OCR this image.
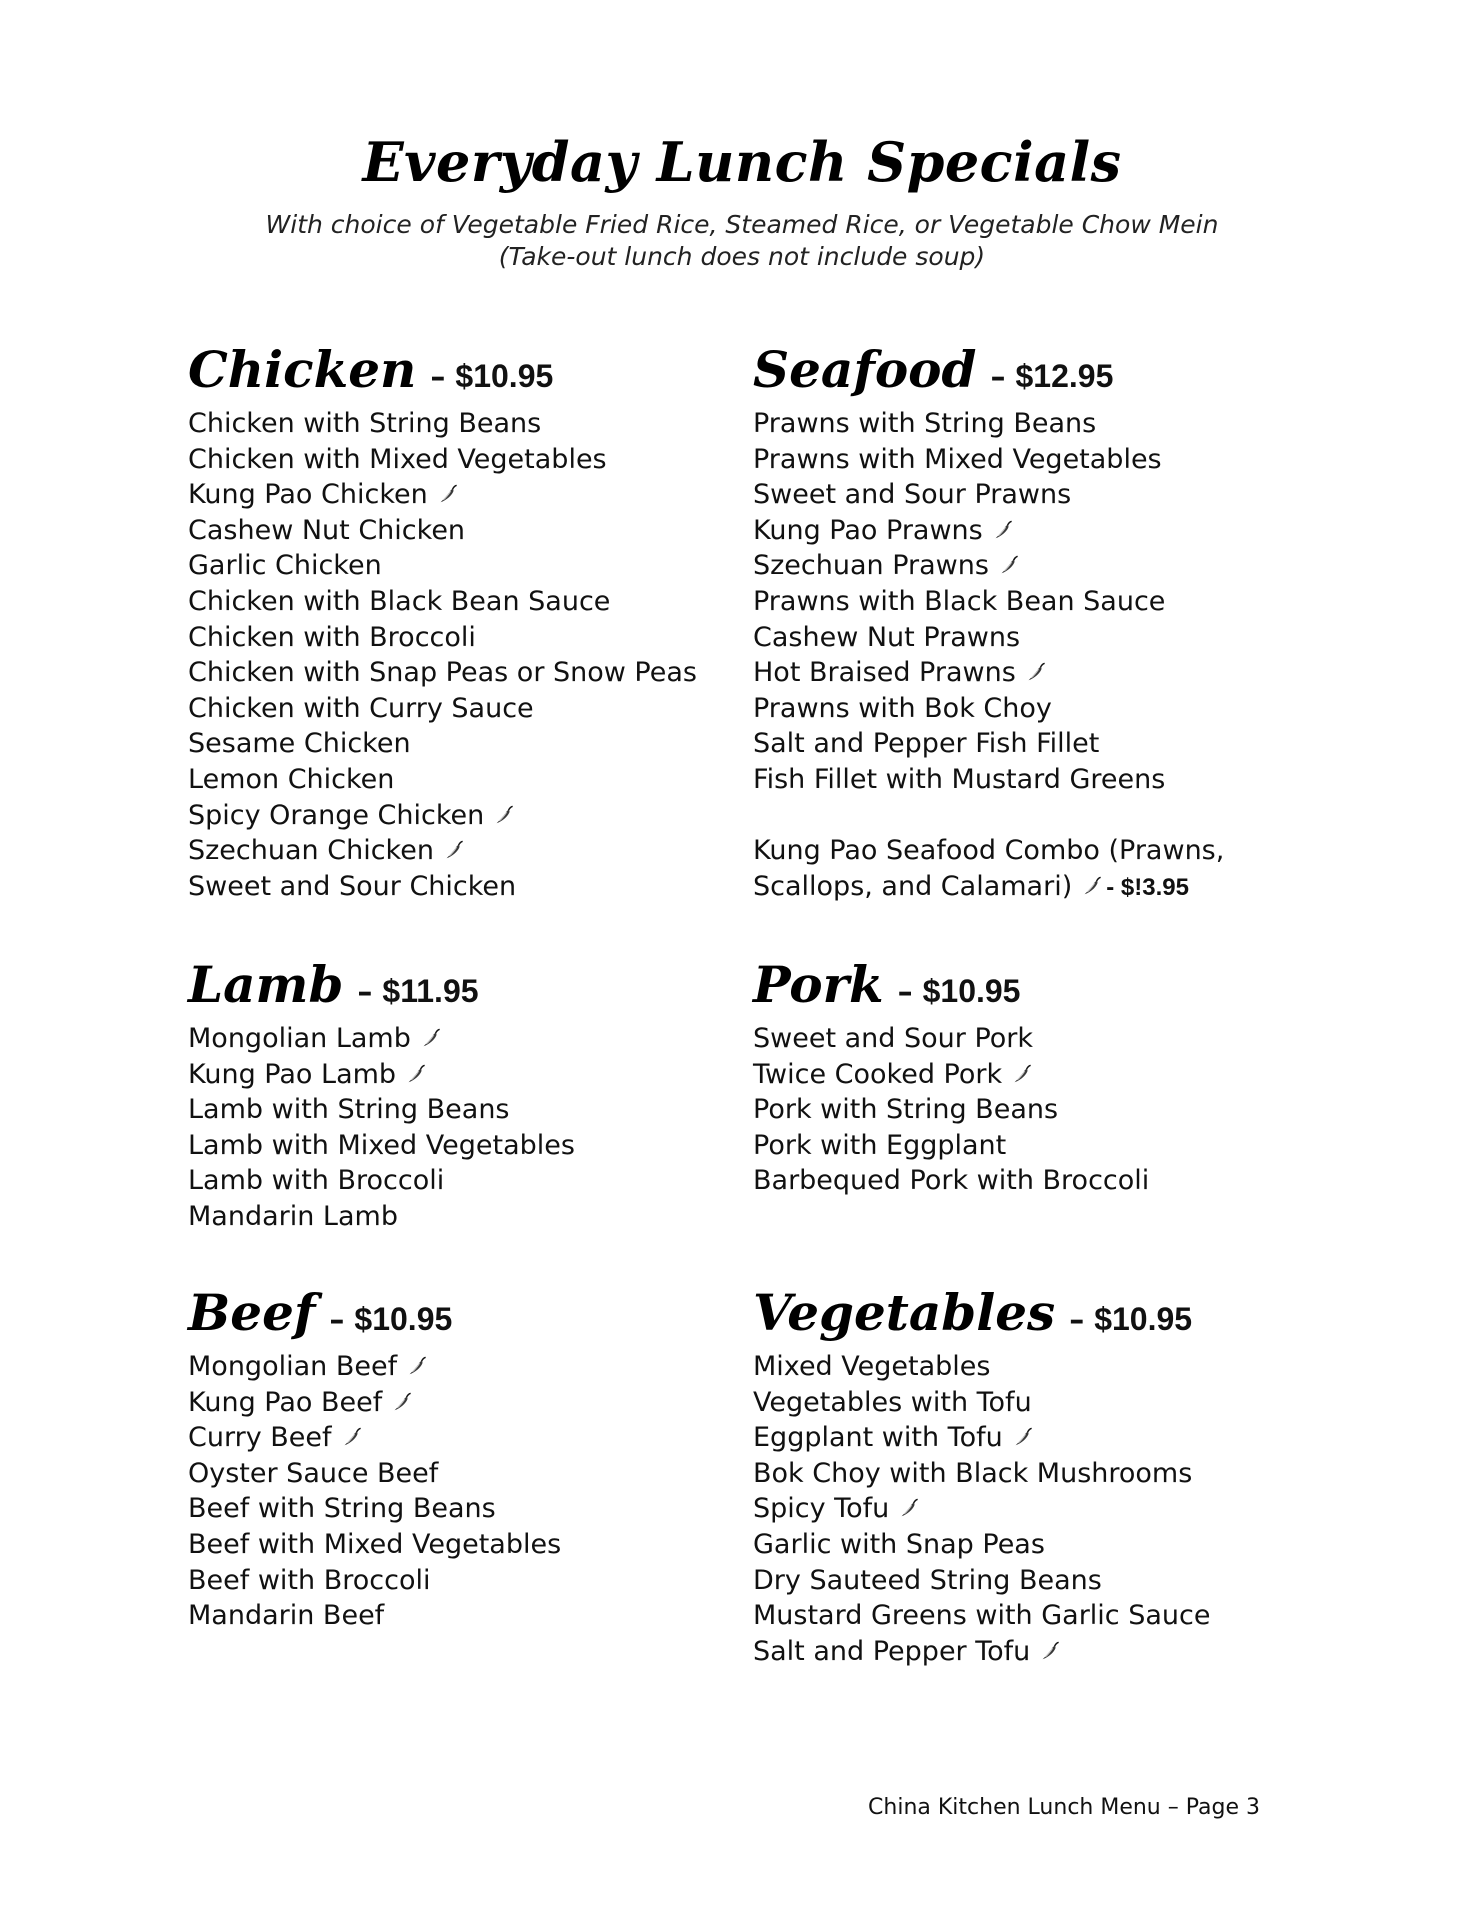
Everyday Lunch Specials
With choice of Vegetable Fried Rice, Steamed Rice, or Vegetable Chow Mein
(Take-out lunch does not include soup)
Chicken – $10.95
Chicken with String Beans
Chicken with Mixed Vegetables
Kung Pao Chicken
Cashew Nut Chicken
Garlic Chicken
Chicken with Black Bean Sauce
Chicken with Broccoli
Chicken with Snap Peas or Snow Peas
Chicken with Curry Sauce
Sesame Chicken
Lemon Chicken
Spicy Orange Chicken
Szechuan Chicken
Sweet and Sour Chicken
Seafood – $12.95
Prawns with String Beans
Prawns with Mixed Vegetables
Sweet and Sour Prawns
Kung Pao Prawns
Szechuan Prawns
Prawns with Black Bean Sauce
Cashew Nut Prawns
Hot Braised Prawns
Prawns with Bok Choy
Salt and Pepper Fish Fillet
Fish Fillet with Mustard Greens
Kung Pao Seafood Combo (Prawns,
Scallops, and Calamari) - $!3.95
Lamb – $11.95
Mongolian Lamb
Kung Pao Lamb
Lamb with String Beans
Lamb with Mixed Vegetables
Lamb with Broccoli
Mandarin Lamb
Pork – $10.95
Sweet and Sour Pork
Twice Cooked Pork
Pork with String Beans
Pork with Eggplant
Barbequed Pork with Broccoli
Beef – $10.95
Mongolian Beef
Kung Pao Beef
Curry Beef
Oyster Sauce Beef
Beef with String Beans
Beef with Mixed Vegetables
Beef with Broccoli
Mandarin Beef
Vegetables – $10.95
Mixed Vegetables
Vegetables with Tofu
Eggplant with Tofu
Bok Choy with Black Mushrooms
Spicy Tofu
Garlic with Snap Peas
Dry Sauteed String Beans
Mustard Greens with Garlic Sauce
Salt and Pepper Tofu
China Kitchen Lunch Menu – Page 3
